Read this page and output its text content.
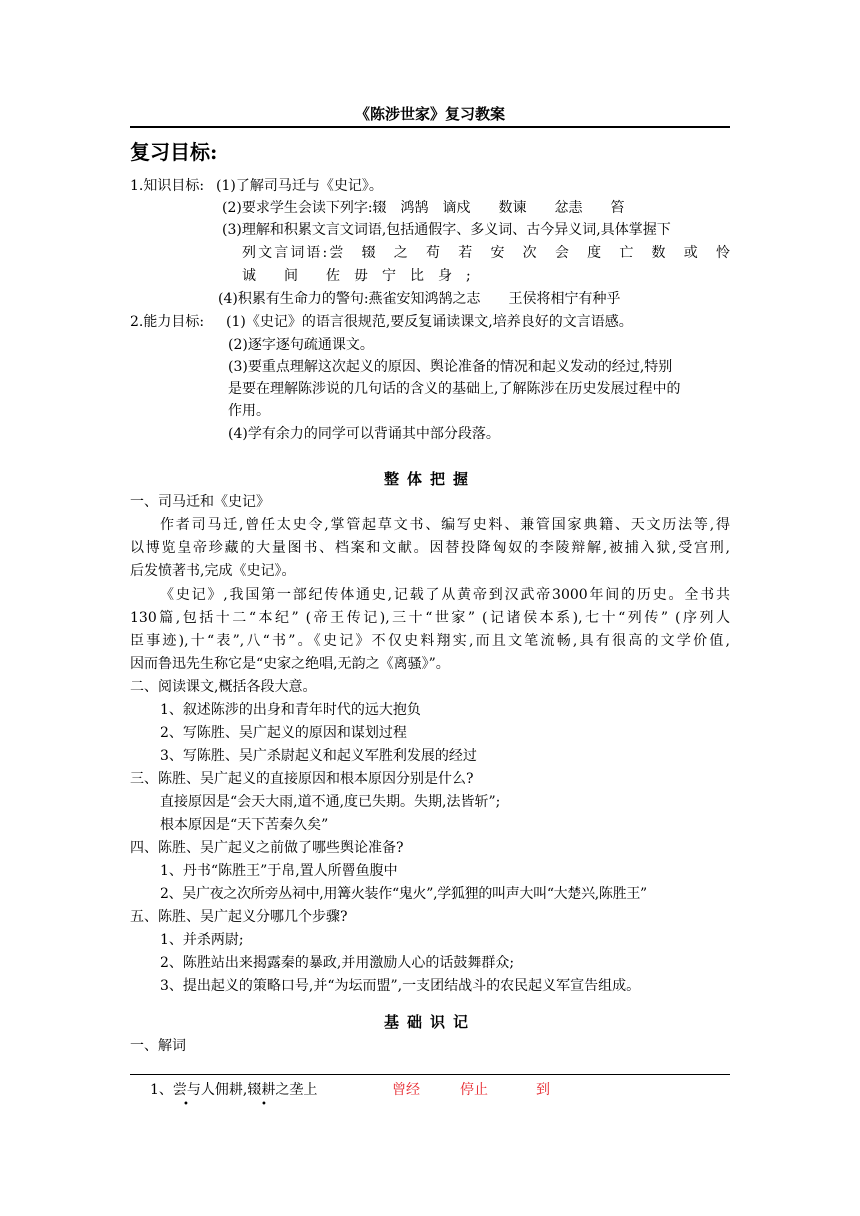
《陈涉世家》复习教案
复习目标:
1.知识目标: (1)了解司马迁与《史记》。
(2)要求学生会读下列字:辍　鸿鹄　谪戍　　数谏　　忿恚　　笞
(3)理解和积累文言文词语,包括通假字、多义词、古今异义词,具体掌握下
列文言词语:尝　辍　之　苟　若　安　次　会　度　亡　数　或　怜
诚　　间　　佐　毋　宁　比　身　;
(4)积累有生命力的警句:燕雀安知鸿鹄之志　　王侯将相宁有种乎
2.能力目标: (1)《史记》的语言很规范,要反复诵读课文,培养良好的文言语感。
(2)逐字逐句疏通课文。
(3)要重点理解这次起义的原因、舆论准备的情况和起义发动的经过,特别
是要在理解陈涉说的几句话的含义的基础上,了解陈涉在历史发展过程中的
作用。
(4)学有余力的同学可以背诵其中部分段落。
整体把握
一、司马迁和《史记》
作者司马迁,曾任太史令,掌管起草文书、编写史料、兼管国家典籍、天文历法等,得
以博览皇帝珍藏的大量图书、档案和文献。因替投降匈奴的李陵辩解,被捕入狱,受宫刑,
后发愤著书,完成《史记》。
《史记》,我国第一部纪传体通史,记载了从黄帝到汉武帝3000年间的历史。全书共
130篇,包括十二“本纪” (帝王传记),三十“世家” (记诸侯本系),七十“列传” (序列人
臣事迹),十“表”,八“书”。《史记》不仅史料翔实,而且文笔流畅,具有很高的文学价值,
因而鲁迅先生称它是“史家之绝唱,无韵之《离骚》”。
二、阅读课文,概括各段大意。
1、叙述陈涉的出身和青年时代的远大抱负
2、写陈胜、吴广起义的原因和谋划过程
3、写陈胜、吴广杀尉起义和起义军胜利发展的经过
三、陈胜、吴广起义的直接原因和根本原因分别是什么?
直接原因是“会天大雨,道不通,度已失期。失期,法皆斩”;
根本原因是“天下苦秦久矣”
四、陈胜、吴广起义之前做了哪些舆论准备?
1、丹书“陈胜王”于帛,置人所罾鱼腹中
2、吴广夜之次所旁丛祠中,用篝火装作“鬼火”,学狐狸的叫声大叫“大楚兴,陈胜王”
五、陈胜、吴广起义分哪几个步骤?
1、并杀两尉;
2、陈胜站出来揭露秦的暴政,并用激励人心的话鼓舞群众;
3、提出起义的策略口号,并“为坛而盟”,一支团结战斗的农民起义军宣告组成。
基础识记
一、解词
1、尝与人佣耕,辍耕之垄上
•	•
曾经	停止	到
